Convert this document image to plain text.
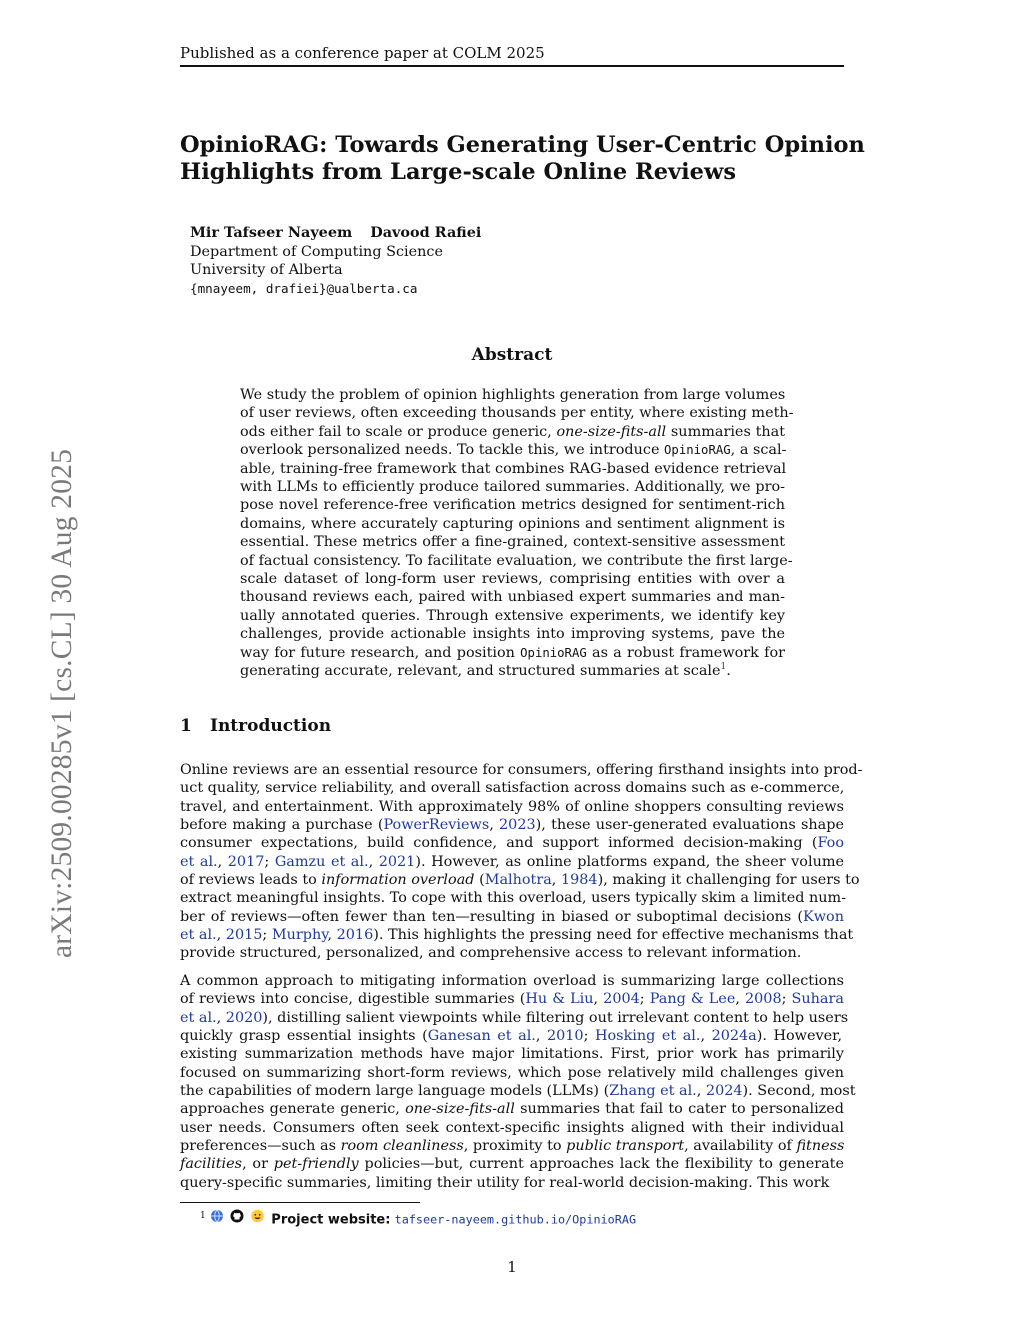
Published as a conference paper at COLM 2025
arXiv:2509.00285v1 [cs.CL] 30 Aug 2025
OpinioRAG: Towards Generating User-Centric Opinion
Highlights from Large-scale Online Reviews
Mir Tafseer Nayeem Davood Rafiei
Department of Computing Science
University of Alberta
{mnayeem, drafiei}@ualberta.ca
Abstract
We study the problem of opinion highlights generation from large volumes
of user reviews, often exceeding thousands per entity, where existing meth-
ods either fail to scale or produce generic, one-size-fits-all summaries that
overlook personalized needs. To tackle this, we introduce OpinioRAG, a scal-
able, training-free framework that combines RAG-based evidence retrieval
with LLMs to efficiently produce tailored summaries. Additionally, we pro-
pose novel reference-free verification metrics designed for sentiment-rich
domains, where accurately capturing opinions and sentiment alignment is
essential. These metrics offer a fine-grained, context-sensitive assessment
of factual consistency. To facilitate evaluation, we contribute the first large-
scale dataset of long-form user reviews, comprising entities with over a
thousand reviews each, paired with unbiased expert summaries and man-
ually annotated queries. Through extensive experiments, we identify key
challenges, provide actionable insights into improving systems, pave the
way for future research, and position OpinioRAG as a robust framework for
generating accurate, relevant, and structured summaries at scale$^1$.
1 Introduction
Online reviews are an essential resource for consumers, offering firsthand insights into prod-
uct quality, service reliability, and overall satisfaction across domains such as e-commerce,
travel, and entertainment. With approximately 98% of online shoppers consulting reviews
before making a purchase (PowerReviews, 2023), these user-generated evaluations shape
consumer expectations, build confidence, and support informed decision-making (Foo
et al., 2017; Gamzu et al., 2021). However, as online platforms expand, the sheer volume
of reviews leads to information overload (Malhotra, 1984), making it challenging for users to
extract meaningful insights. To cope with this overload, users typically skim a limited num-
ber of reviews—often fewer than ten—resulting in biased or suboptimal decisions (Kwon
et al., 2015; Murphy, 2016). This highlights the pressing need for effective mechanisms that
provide structured, personalized, and comprehensive access to relevant information.
A common approach to mitigating information overload is summarizing large collections
of reviews into concise, digestible summaries (Hu & Liu, 2004; Pang & Lee, 2008; Suhara
et al., 2020), distilling salient viewpoints while filtering out irrelevant content to help users
quickly grasp essential insights (Ganesan et al., 2010; Hosking et al., 2024a). However,
existing summarization methods have major limitations. First, prior work has primarily
focused on summarizing short-form reviews, which pose relatively mild challenges given
the capabilities of modern large language models (LLMs) (Zhang et al., 2024). Second, most
approaches generate generic, one-size-fits-all summaries that fail to cater to personalized
user needs. Consumers often seek context-specific insights aligned with their individual
preferences—such as room cleanliness, proximity to public transport, availability of fitness
facilities, or pet-friendly policies—but, current approaches lack the flexibility to generate
query-specific summaries, limiting their utility for real-world decision-making. This work
$^1$	Project website: tafseer-nayeem.github.io/OpinioRAG
1
